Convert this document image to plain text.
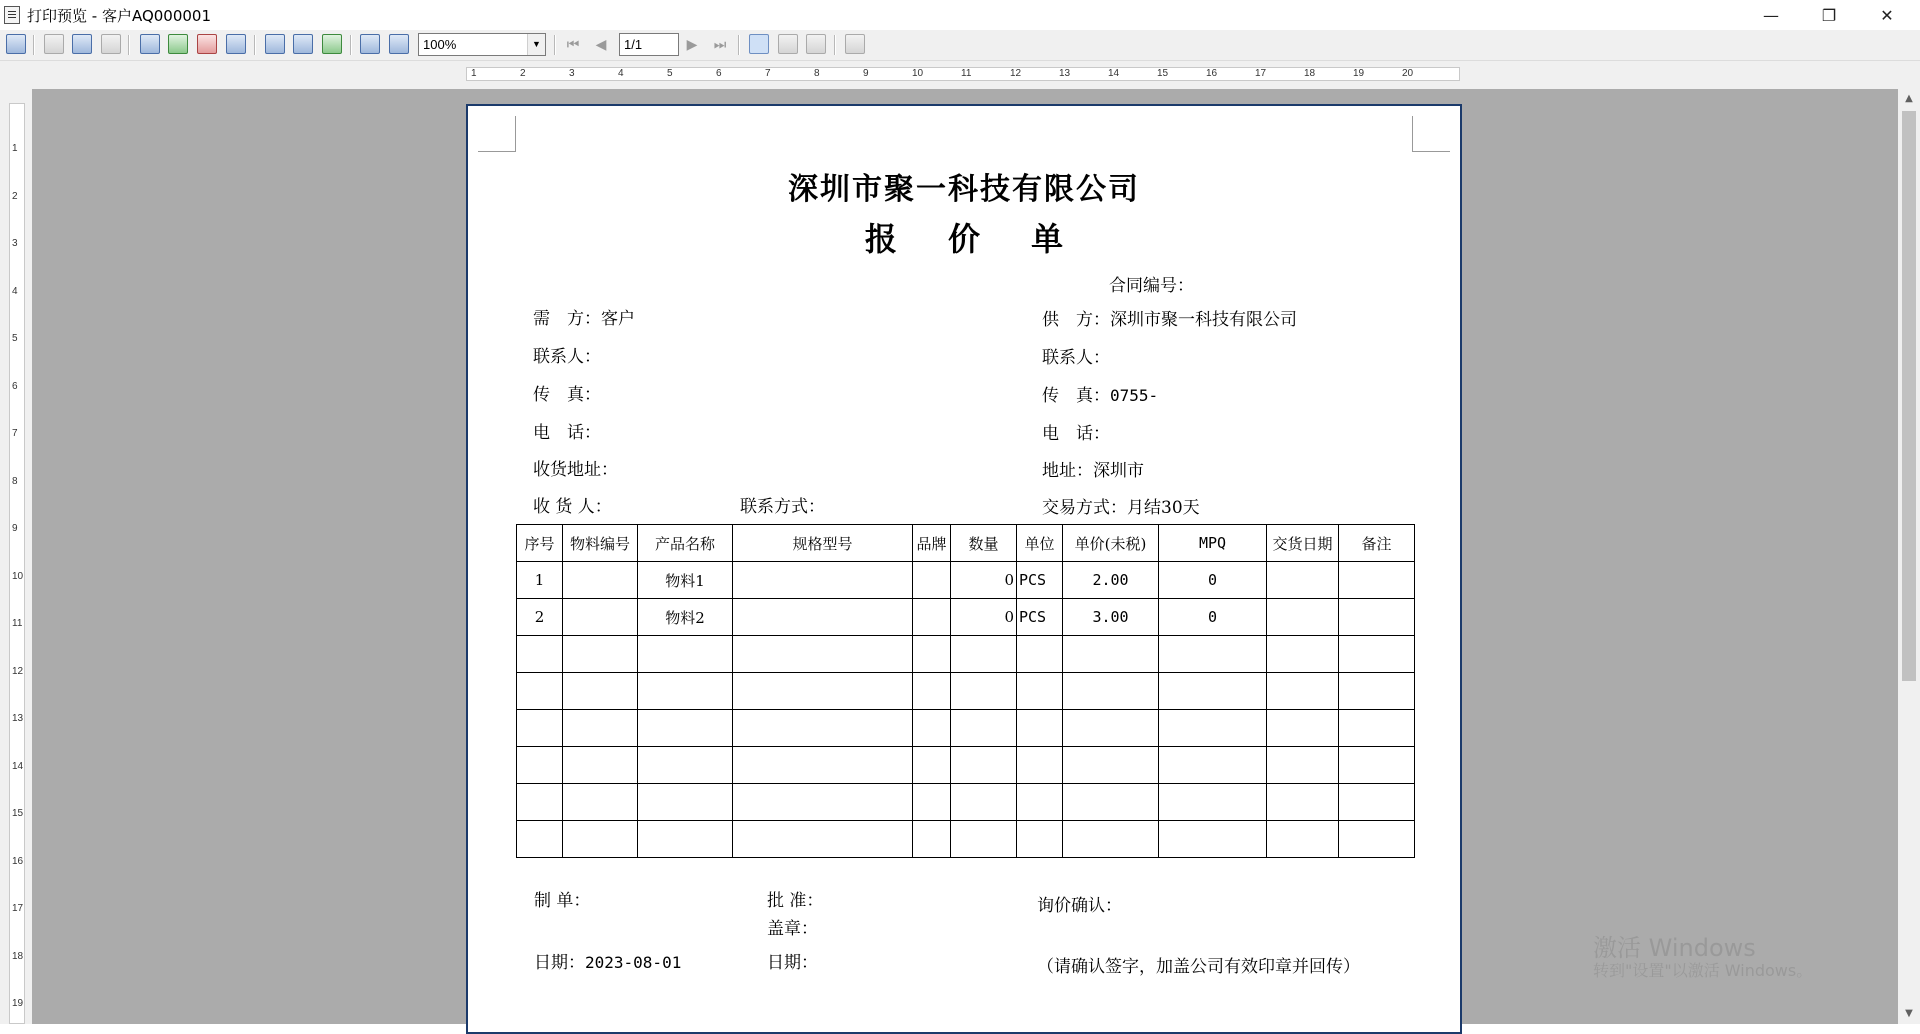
打印预览 - 客户AQ000001	—	❐	✕
100%	▼ ⏮	◀	1/1	▶	⏭
1	2	3	4	5	6	7	8	9	10	11	12	13	14	15	16	17	18	19	20
1
2
3
4
5
6
7
8
9
10
11
12
13
14
15
16
17
18
19
▲
▼
深圳市聚一科技有限公司
报 价 单
合同编号：
需　方：客户
联系人：
传　真：
电　话：
收货地址：
收 货 人：	联系方式：
供　方：深圳市聚一科技有限公司
联系人：
传　真：0755-
电　话：
地址：深圳市
交易方式：月结30天
序号	物料编号	产品名称	规格型号	品牌	数量	单位	单价(未税)	MPQ	交货日期	备注
1		物料1			0	PCS	2.00	0		
2		物料2			0	PCS	3.00	0		

制 单：	批 准：
盖章：
询价确认：
日期：2023-08-01	日期：	（请确认签字，加盖公司有效印章并回传）
激活 Windows
转到"设置"以激活 Windows。
